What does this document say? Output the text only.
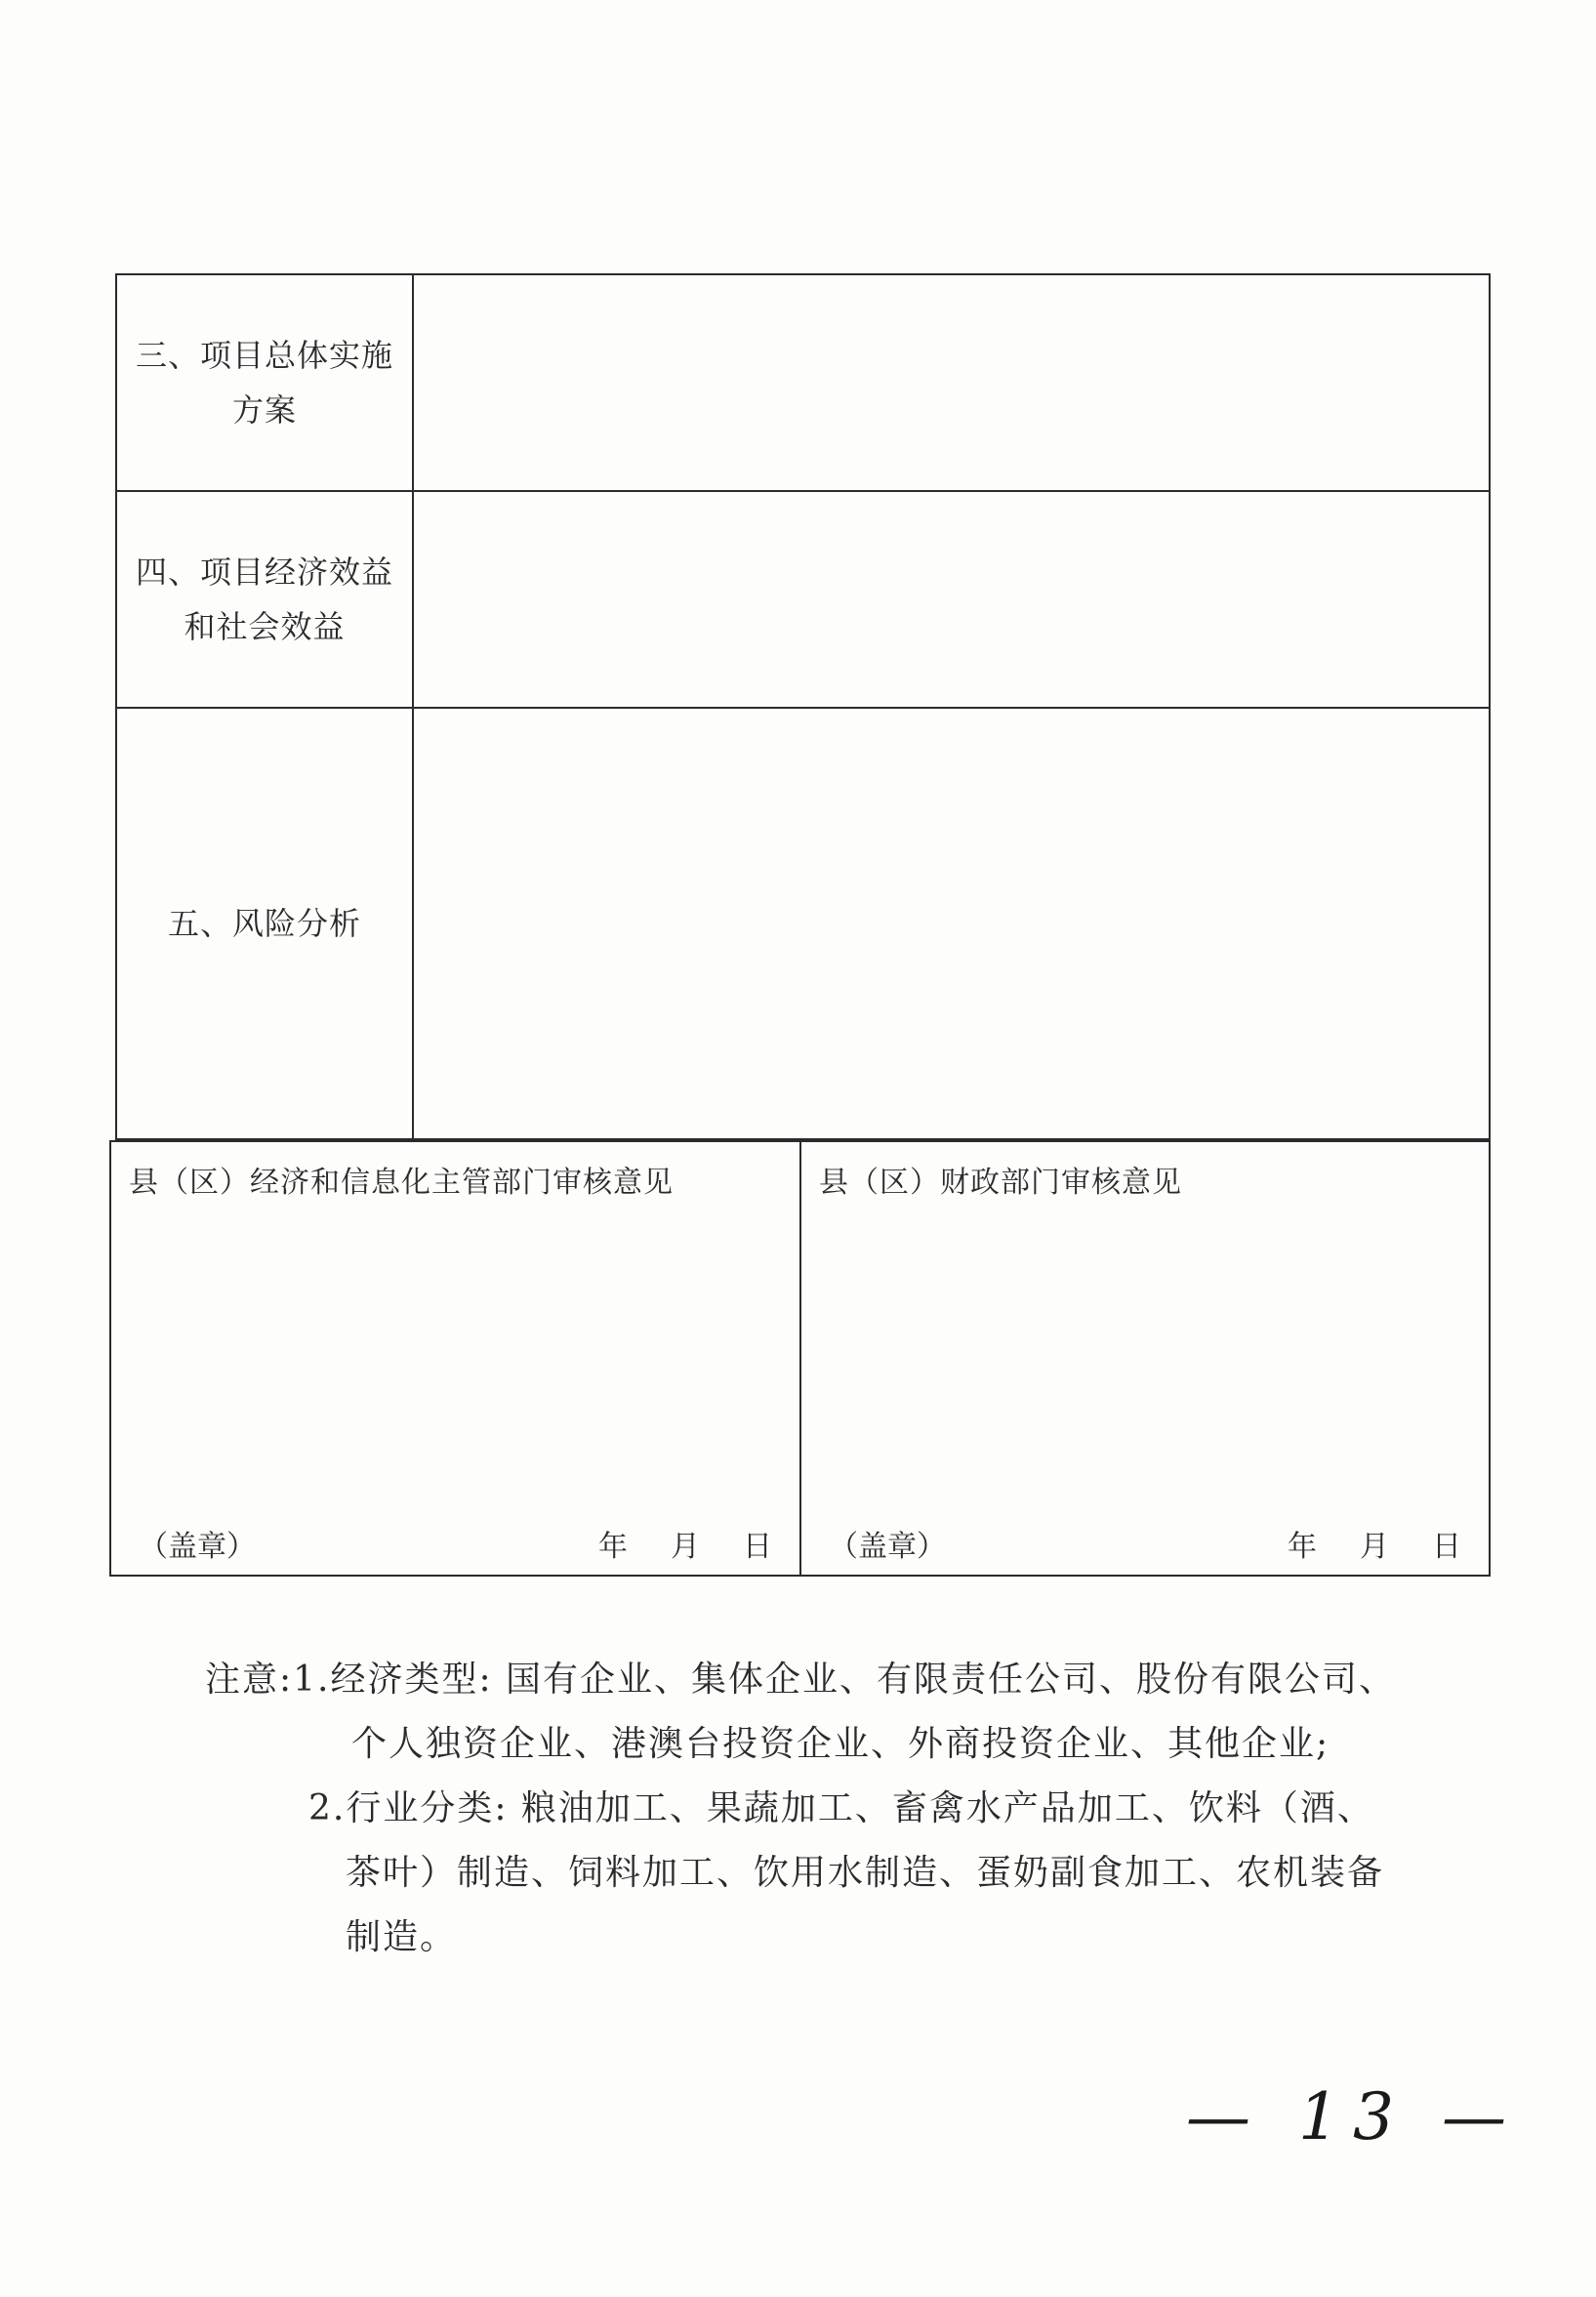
三、项目总体实施
方案	

四、项目经济效益
和社会效益	

五、风险分析	

县（区）经济和信息化主管部门审核意见
（盖章）	年 月 日

县（区）财政部门审核意见
（盖章）	年 月 日
注意:1.经济类型: 国有企业、集体企业、有限责任公司、股份有限公司、
个人独资企业、港澳台投资企业、外商投资企业、其他企业;
2.行业分类: 粮油加工、果蔬加工、畜禽水产品加工、饮料（酒、
茶叶）制造、饲料加工、饮用水制造、蛋奶副食加工、农机装备
制造。
— 13 —
